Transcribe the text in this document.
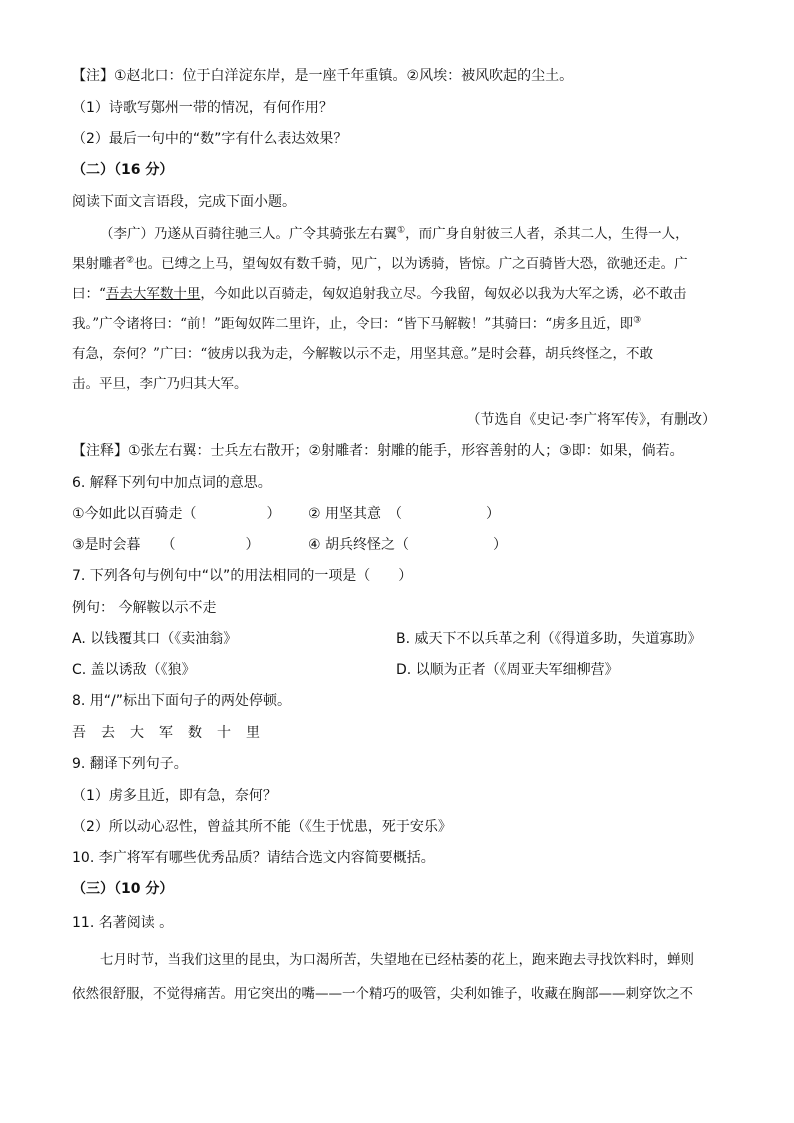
【注】①赵北口：位于白洋淀东岸，是一座千年重镇。②风埃：被风吹起的尘土。
（1）诗歌写鄚州一带的情况，有何作用？
（2）最后一句中的“数”字有什么表达效果？
（二）（16 分）
阅读下面文言语段，完成下面小题。
（李广）乃遂从百骑往驰三人。广令其骑张左右翼①，而广身自射彼三人者，杀其二人，生得一人，
果射雕者②也。已缚之上马，望匈奴有数千骑，见广，以为诱骑，皆惊。广之百骑皆大恐，欲驰还走。广
曰：“吾去大军数十里，今如此以百骑走，匈奴追射我立尽。今我留，匈奴必以我为大军之诱，必不敢击
我。”广令诸将曰：“前！”距匈奴阵二里许，止，令曰：“皆下马解鞍！”其骑曰：“虏多且近，即③
有急，奈何？”广曰：“彼虏以我为走，今解鞍以示不走，用坚其意。”是时会暮，胡兵终怪之，不敢
击。平旦，李广乃归其大军。
（节选自《史记·李广将军传》，有删改）
【注释】①张左右翼：士兵左右散开；②射雕者：射雕的能手，形容善射的人；③即：如果，倘若。
6. 解释下列句中加点词的意思。
①今如此以百骑走（　　　　　） ② 用坚其意　（　　　　　　）
③是时会暮　　（　　　　　）	④ 胡兵终怪之（　　　　　　）
7. 下列各句与例句中“以”的用法相同的一项是（　　）
例句： 今解鞍以示不走
A. 以钱覆其口（《卖油翁》	B. 威天下不以兵革之利（《得道多助，失道寡助》
C. 盖以诱敌（《狼》	D. 以顺为正者（《周亚夫军细柳营》
8. 用“/”标出下面句子的两处停顿。
吾 去 大 军 数 十 里
9. 翻译下列句子。
（1）虏多且近，即有急，奈何？
（2）所以动心忍性，曾益其所不能（《生于忧患，死于安乐》
10. 李广将军有哪些优秀品质？请结合选文内容简要概括。
（三）（10 分）
11. 名著阅读 。
七月时节，当我们这里的昆虫，为口渴所苦，失望地在已经枯萎的花上，跑来跑去寻找饮料时，蝉则
依然很舒服，不觉得痛苦。用它突出的嘴——一个精巧的吸管，尖利如锥子，收藏在胸部——刺穿饮之不
